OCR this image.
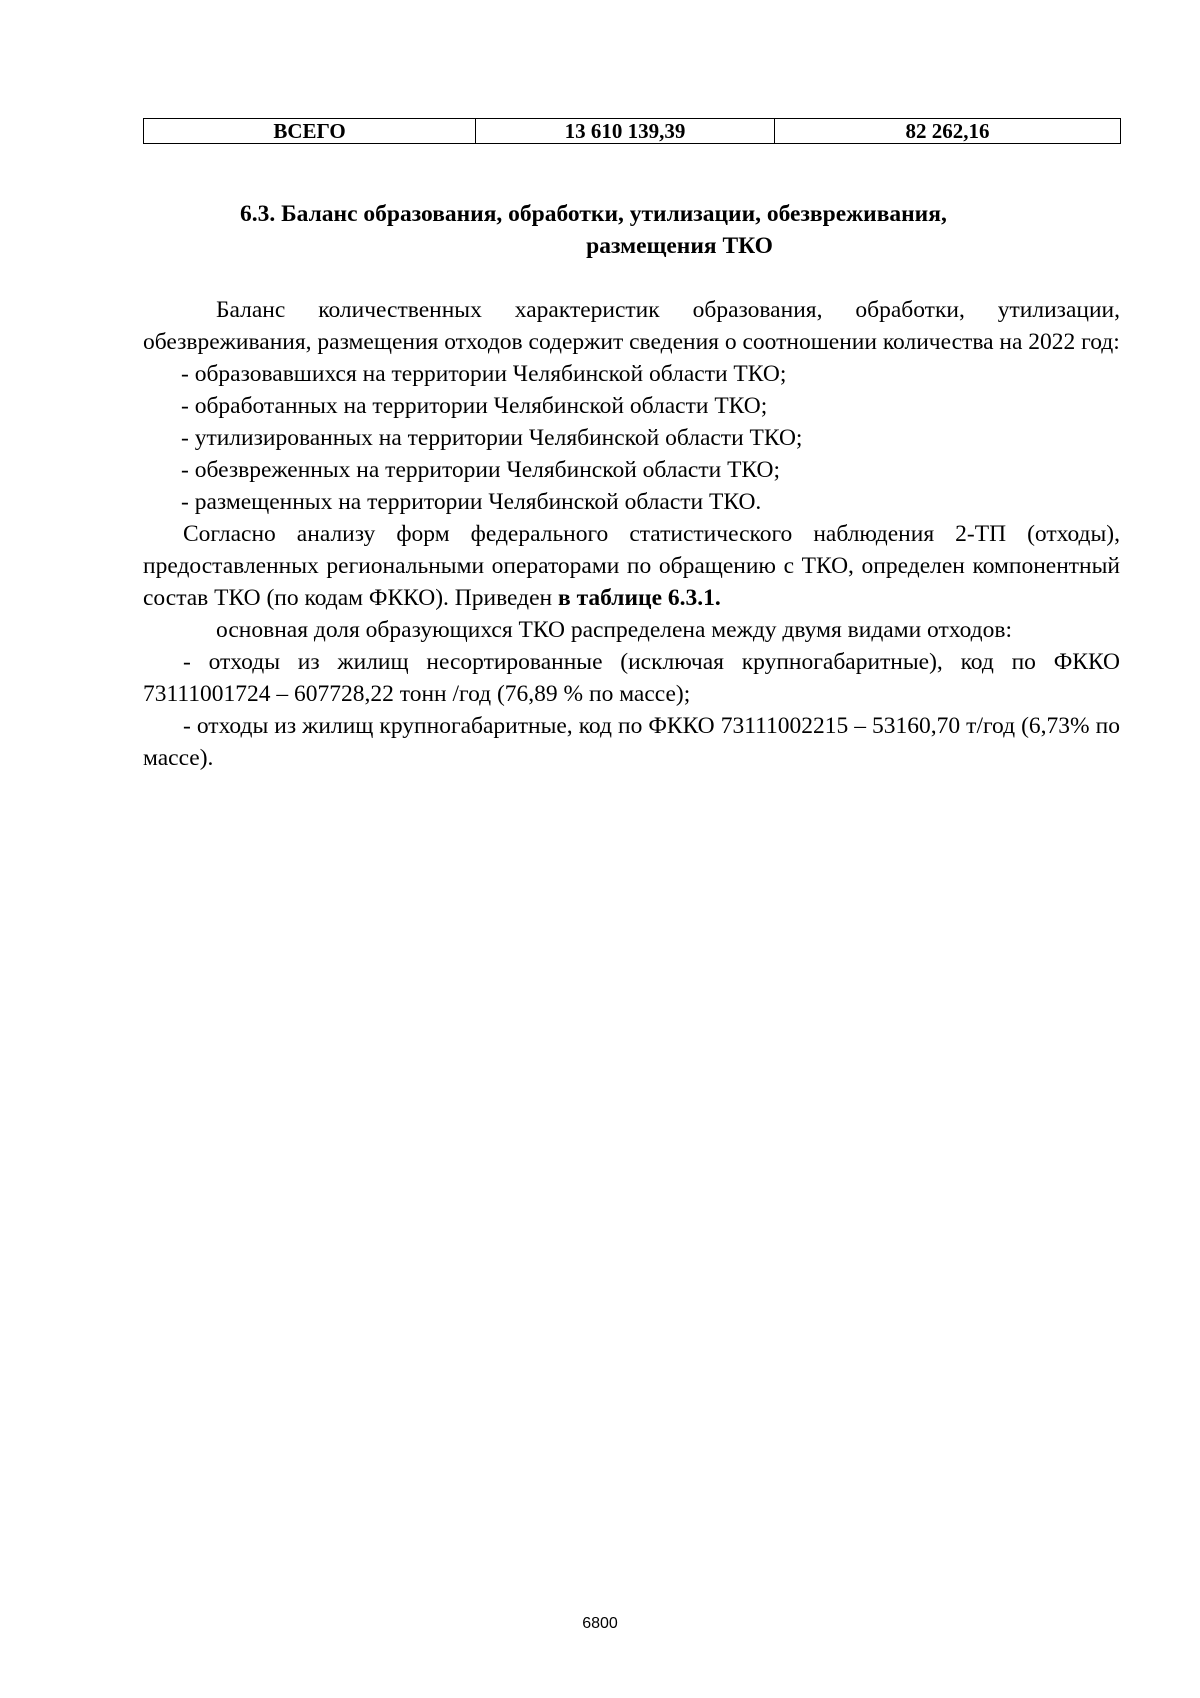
ВСЕГО	13 610 139,39	82 262,16
6.3. Баланс образования, обработки, утилизации, обезвреживания,
размещения ТКО

Баланс количественных характеристик образования, обработки, утилизации, обезвреживания, размещения отходов содержит сведения о соотношении количества на 2022 год:

- образовавшихся на территории Челябинской области ТКО;

- обработанных на территории Челябинской области ТКО;

- утилизированных на территории Челябинской области ТКО;

- обезвреженных на территории Челябинской области ТКО;

- размещенных на территории Челябинской области ТКО.

Согласно анализу форм федерального статистического наблюдения 2-ТП (отходы), предоставленных региональными операторами по обращению с ТКО, определен компонентный состав ТКО (по кодам ФККО). Приведен в таблице 6.3.1.

основная доля образующихся ТКО распределена между двумя видами отходов:

- отходы из жилищ несортированные (исключая крупногабаритные), код по ФККО 73111001724 – 607728,22 тонн /год (76,89 % по массе);

- отходы из жилищ крупногабаритные, код по ФККО 73111002215 – 53160,70 т/год (6,73% по массе).

6800
